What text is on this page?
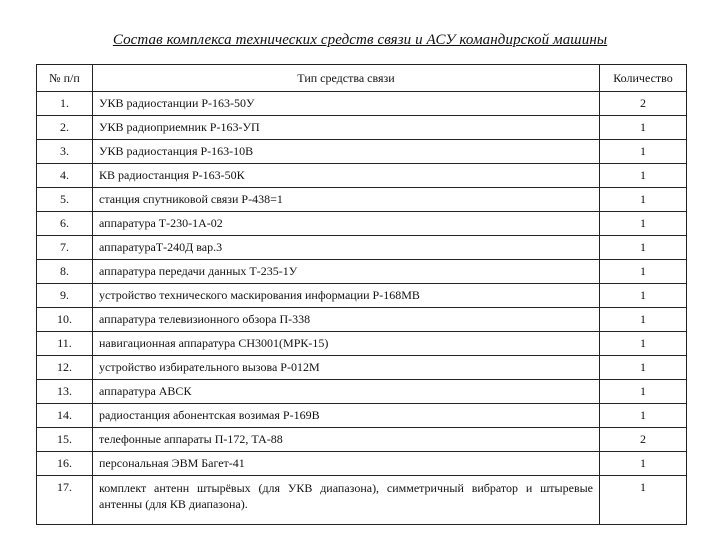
Состав комплекса технических средств связи и АСУ командирской машины
№ п/п	Тип средства связи	Количество
1.	УКВ радиостанции Р-163-50У	2
2.	УКВ радиоприемник Р-163-УП	1
3.	УКВ радиостанция Р-163-10В	1
4.	КВ радиостанция Р-163-50К	1
5.	станция спутниковой связи Р-438=1	1
6.	аппаратура Т-230-1А-02	1
7.	аппаратураТ-240Д вар.3	1
8.	аппаратура передачи данных Т-235-1У	1
9.	устройство технического маскирования информации Р-168МВ	1
10.	аппаратура телевизионного обзора П-338	1
11.	навигационная аппаратура СН3001(МРК-15)	1
12.	устройство избирательного вызова Р-012М	1
13.	аппаратура АВСК	1
14.	радиостанция абонентская возимая Р-169В	1
15.	телефонные аппараты П-172, ТА-88	2
16.	персональная ЭВМ Багет-41	1
17.	комплект антенн штырёвых (для УКВ диапазона), симметричный вибратор и штыревые антенны (для КВ диапазона).	1
